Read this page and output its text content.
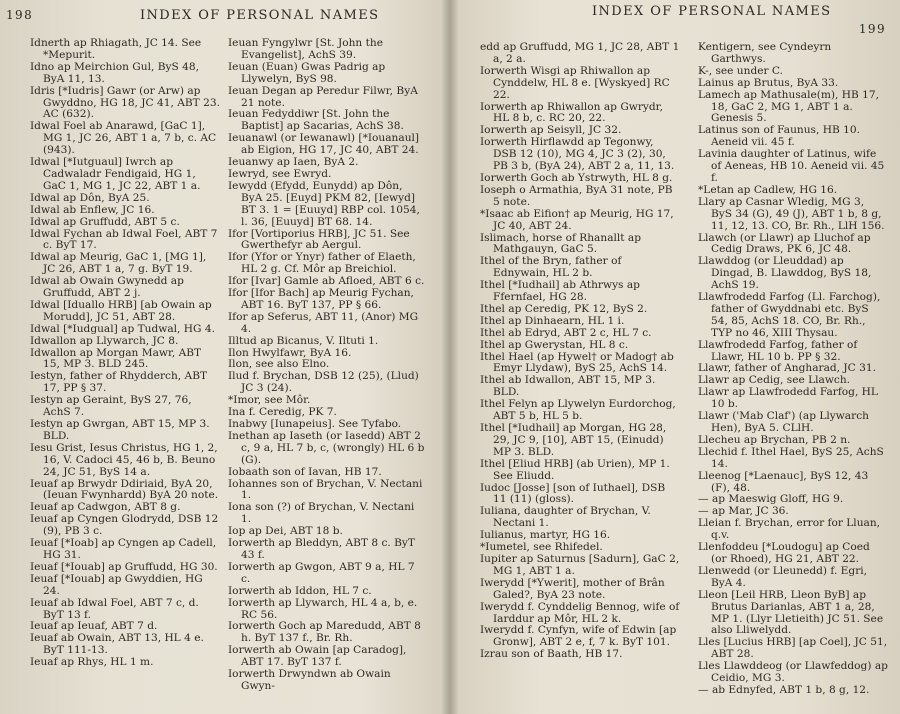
198	INDEX OF PERSONAL NAMES

Idnerth ap Rhiagath, JC 14. See *Mepurit.

Idno ap Meirchion Gul, ByS 48, ByA 11, 13.

Idris [*Iudris] Gawr (or Arw) ap Gwyddno, HG 18, JC 41, ABT 23. AC (632).

Idwal Foel ab Anarawd, [GaC 1], MG 1, JC 26, ABT 1 a, 7 b, c. AC (943).

Idwal [*Iutguaul] Iwrch ap Cadwaladr Fendigaid, HG 1, GaC 1, MG 1, JC 22, ABT 1 a.

Idwal ap Dôn, ByA 25.

Idwal ab Enflew, JC 16.

Idwal ap Gruffudd, ABT 5 c.

Idwal Fychan ab Idwal Foel, ABT 7 c. ByT 17.

Idwal ap Meurig, GaC 1, [MG 1], JC 26, ABT 1 a, 7 g. ByT 19.

Idwal ab Owain Gwynedd ap Gruffudd, ABT 2 j.

Idwal [Iduallo HRB] [ab Owain ap Morudd], JC 51, ABT 28.

Idwal [*Iudgual] ap Tudwal, HG 4.

Idwallon ap Llywarch, JC 8.

Idwallon ap Morgan Mawr, ABT 15, MP 3. BLD 245.

Iestyn, father of Rhydderch, ABT 17, PP § 37.

Iestyn ap Geraint, ByS 27, 76, AchS 7.

Iestyn ap Gwrgan, ABT 15, MP 3. BLD.

Iesu Grist, Iesus Christus, HG 1, 2, 16, V. Cadoci 45, 46 b, B. Beuno 24, JC 51, ByS 14 a.

Ieuaf ap Brwydr Ddiriaid, ByA 20, (Ieuan Fwynhardd) ByA 20 note.

Ieuaf ap Cadwgon, ABT 8 g.

Ieuaf ap Cyngen Glodrydd, DSB 12 (9), PB 3 c.

Ieuaf [*Ioab] ap Cyngen ap Cadell, HG 31.

Ieuaf [*Iouab] ap Gruffudd, HG 30.

Ieuaf [*Iouab] ap Gwyddien, HG 24.

Ieuaf ab Idwal Foel, ABT 7 c, d. ByT 13 f.

Ieuaf ap Ieuaf, ABT 7 d.

Ieuaf ab Owain, ABT 13, HL 4 e. ByT 111-13.

Ieuaf ap Rhys, HL 1 m.

Ieuan Fyngylwr [St. John the Evangelist], AchS 39.

Ieuan (Euan) Gwas Padrig ap Llywelyn, ByS 98.

Ieuan Degan ap Peredur Filwr, ByA 21 note.

Ieuan Fedyddiwr [St. John the Baptist] ap Sacarias, AchS 38.

Ieuanawl (or Iewanawl) [*Iouanaul] ab Eigion, HG 17, JC 40, ABT 24.

Ieuanwy ap Iaen, ByA 2.

Iewryd, see Ewryd.

Iewydd (Efydd, Eunydd) ap Dôn, ByA 25. [Euyd] PKM 82, [Iewyd] BT 3. 1 = [Euuyd] RBP col. 1054, l. 36, [Euuyd] BT 68. 14.

Ifor [Vortiporius HRB], JC 51. See Gwerthefyr ab Aergul.

Ifor (Yfor or Ynyr) father of Elaeth, HL 2 g. Cf. Môr ap Breichiol.

Ifor [Ivar] Gamle ab Afloed, ABT 6 c.

Ifor [Ifor Bach] ap Meurig Fychan, ABT 16. ByT 137, PP § 66.

Ifor ap Seferus, ABT 11, (Anor) MG 4.

Illtud ap Bicanus, V. Iltuti 1.

Ilon Hwylfawr, ByA 16.

Ilon, see also Elno.

Ilud f. Brychan, DSB 12 (25), (Llud) JC 3 (24).

*Imor, see Môr.

Ina f. Ceredig, PK 7.

Inabwy [Iunapeius]. See Tyfabo.

Inethan ap Iaseth (or Iasedd) ABT 2 c, 9 a, HL 7 b, c, (wrongly) HL 6 b (G).

Iobaath son of Iavan, HB 17.

Iohannes son of Brychan, V. Nectani 1.

Iona son (?) of Brychan, V. Nectani 1.

Iop ap Dei, ABT 18 b.

Iorwerth ap Bleddyn, ABT 8 c. ByT 43 f.

Iorwerth ap Gwgon, ABT 9 a, HL 7 c.

Iorwerth ab Iddon, HL 7 c.

Iorwerth ap Llywarch, HL 4 a, b, e. RC 56.

Iorwerth Goch ap Maredudd, ABT 8 h. ByT 137 f., Br. Rh.

Iorwerth ab Owain [ap Caradog], ABT 17. ByT 137 f.

Iorwerth Drwyndwn ab Owain Gwyn-

INDEX OF PERSONAL NAMES
199

edd ap Gruffudd, MG 1, JC 28, ABT 1 a, 2 a.

Iorwerth Wisgi ap Rhiwallon ap Cynddelw, HL 8 e. [Wyskyed] RC 22.

Iorwerth ap Rhiwallon ap Gwrydr, HL 8 b, c. RC 20, 22.

Iorwerth ap Seisyll, JC 32.

Iorwerth Hirflawdd ap Tegonwy, DSB 12 (10), MG 4, JC 3 (2), 30, PB 3 b, (ByA 24), ABT 2 a, 11, 13.

Iorwerth Goch ab Ystrwyth, HL 8 g.

Ioseph o Armathia, ByA 31 note, PB 5 note.

*Isaac ab Eifion† ap Meurig, HG 17, JC 40, ABT 24.

Islimach, horse of Rhanallt ap Mathgauyn, GaC 5.

Ithel of the Bryn, father of Ednywain, HL 2 b.

Ithel [*Iudhail] ab Athrwys ap Ffernfael, HG 28.

Ithel ap Ceredig, PK 12, ByS 2.

Ithel ap Dinhaearn, HL 1 i.

Ithel ab Edryd, ABT 2 c, HL 7 c.

Ithel ap Gwerystan, HL 8 c.

Ithel Hael (ap Hywel† or Madog† ab Emyr Llydaw), ByS 25, AchS 14.

Ithel ab Idwallon, ABT 15, MP 3. BLD.

Ithel Felyn ap Llywelyn Eurdorchog, ABT 5 b, HL 5 b.

Ithel [*Iudhail] ap Morgan, HG 28, 29, JC 9, [10], ABT 15, (Einudd) MP 3. BLD.

Ithel [Eliud HRB] (ab Urien), MP 1. See Eliudd.

Iudoc [Josse] [son of Iuthael], DSB 11 (11) (gloss).

Iuliana, daughter of Brychan, V. Nectani 1.

Iulianus, martyr, HG 16.

*Iumetel, see Rhifedel.

Iupiter ap Saturnus [Sadurn], GaC 2, MG 1, ABT 1 a.

Iwerydd [*Ywerit], mother of Brân Galed?, ByA 23 note.

Iwerydd f. Cynddelig Bennog, wife of Iarddur ap Môr, HL 2 k.

Iwerydd f. Cynfyn, wife of Edwin [ap Gronw], ABT 2 e, f, 7 k. ByT 101.

Izrau son of Baath, HB 17.

Kentigern, see Cyndeyrn Garthwys.

K-, see under C.

Lainus ap Brutus, ByA 33.

Lamech ap Mathusale(m), HB 17, 18, GaC 2, MG 1, ABT 1 a. Genesis 5.

Latinus son of Faunus, HB 10. Aeneid vii. 45 f.

Lavinia daughter of Latinus, wife of Aeneas, HB 10. Aeneid vii. 45 f.

*Letan ap Cadlew, HG 16.

Llary ap Casnar Wledig, MG 3, ByS 34 (G), 49 (J), ABT 1 b, 8 g, 11, 12, 13. CO, Br. Rh., LlH 156.

Llawch (or Llawr) ap Lluchof ap Cedig Draws, PK 6, JC 48.

Llawddog (or Lleuddad) ap Dingad, B. Llawddog, ByS 18, AchS 19.

Llawfrodedd Farfog (Ll. Farchog), father of Gwyddnabi etc. ByS 54, 85, AchS 18. CO, Br. Rh., TYP no 46, XIII Thysau.

Llawfrodedd Farfog, father of Llawr, HL 10 b. PP § 32.

Llawr, father of Angharad, JC 31.

Llawr ap Cedig, see Llawch.

Llawr ap Llawfrodedd Farfog, HL 10 b.

Llawr ('Mab Claf') (ap Llywarch Hen), ByA 5. CLlH.

Llecheu ap Brychan, PB 2 n.

Llechid f. Ithel Hael, ByS 25, AchS 14.

Lleenog [*Laenauc], ByS 12, 43 (F), 48.

— ap Maeswig Gloff, HG 9.

— ap Mar, JC 36.

Lleian f. Brychan, error for Lluan, q.v.

Llenfoddeu [*Loudogu] ap Coed (or Rhoed), HG 21, ABT 22.

Llenwedd (or Lleunedd) f. Egri, ByA 4.

Lleon [Leil HRB, Lleon ByB] ap Brutus Darianlas, ABT 1 a, 28, MP 1. (Llyr Lletieith) JC 51. See also Lliwelydd.

Lles [Lucius HRB] [ap Coel], JC 51, ABT 28.

Lles Llawddeog (or Llawfeddog) ap Ceidio, MG 3.

— ab Ednyfed, ABT 1 b, 8 g, 12.
